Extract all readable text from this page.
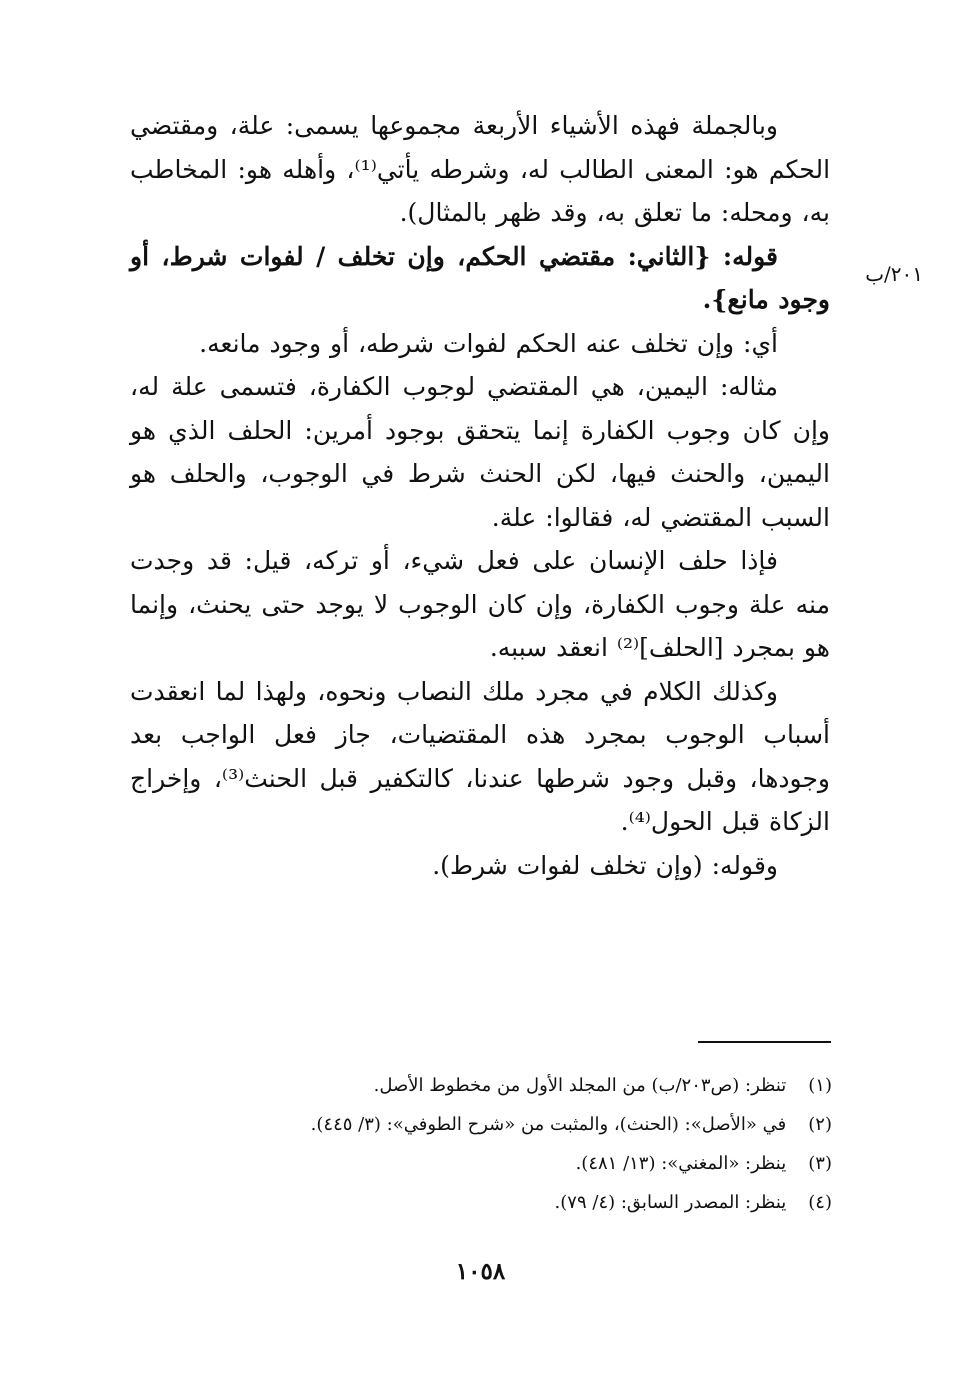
٢٠١/ب

وبالجملة فهذه الأشياء الأربعة مجموعها يسمى: علة، ومقتضي الحكم هو: المعنى الطالب له، وشرطه يأتي⁽¹⁾، وأهله هو: المخاطب به، ومحله: ما تعلق به، وقد ظهر بالمثال).

قوله: {الثاني: مقتضي الحكم، وإن تخلف / لفوات شرط، أو وجود مانع}.

أي: وإن تخلف عنه الحكم لفوات شرطه، أو وجود مانعه.

مثاله: اليمين، هي المقتضي لوجوب الكفارة، فتسمى علة له، وإن كان وجوب الكفارة إنما يتحقق بوجود أمرين: الحلف الذي هو اليمين، والحنث فيها، لكن الحنث شرط في الوجوب، والحلف هو السبب المقتضي له، فقالوا: علة.

فإذا حلف الإنسان على فعل شيء، أو تركه، قيل: قد وجدت منه علة وجوب الكفارة، وإن كان الوجوب لا يوجد حتى يحنث، وإنما هو بمجرد [الحلف]⁽²⁾ انعقد سببه.

وكذلك الكلام في مجرد ملك النصاب ونحوه، ولهذا لما انعقدت أسباب الوجوب بمجرد هذه المقتضيات، جاز فعل الواجب بعد وجودها، وقبل وجود شرطها عندنا، كالتكفير قبل الحنث⁽³⁾، وإخراج الزكاة قبل الحول⁽⁴⁾.

وقوله: (وإن تخلف لفوات شرط).

(١) تنظر: (ص٢٠٣/ب) من المجلد الأول من مخطوط الأصل.

(٢) في «الأصل»: (الحنث)، والمثبت من «شرح الطوفي»: (٣/ ٤٤٥).

(٣) ينظر: «المغني»: (١٣/ ٤٨١).

(٤) ينظر: المصدر السابق: (٤/ ٧٩).

١٠٥٨
